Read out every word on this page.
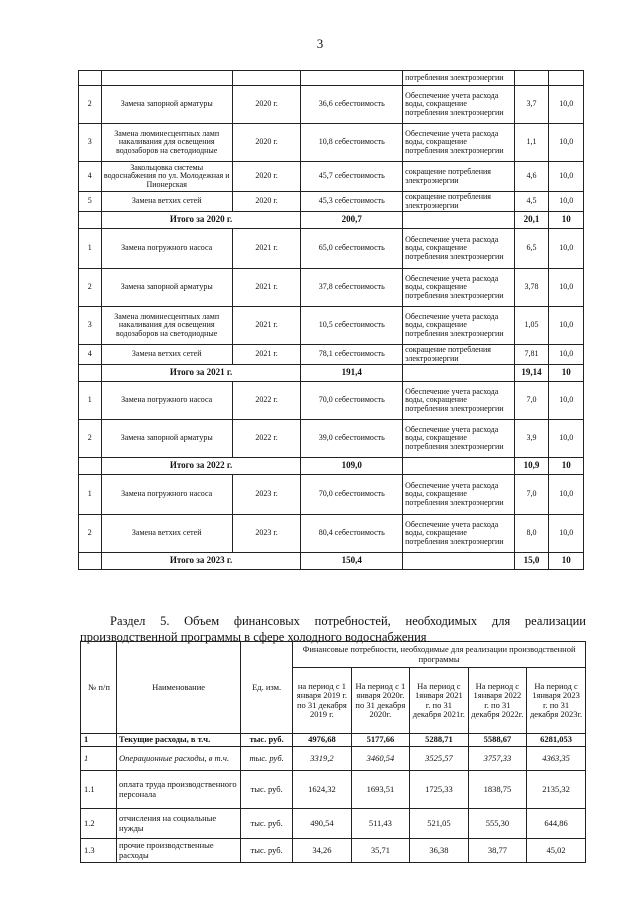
3
				потребления электроэнергии		
2	Замена запорной арматуры	2020 г.	36,6 себестоимость	Обеспечение учета расхода воды, сокращение потребления электроэнергии	3,7	10,0
3	Замена люминесцентных ламп накаливания для освещения водозаборов на светодиодные	2020 г.	10,8 себестоимость	Обеспечение учета расхода воды, сокращение потребления электроэнергии	1,1	10,0
4	Закольцовка системы водоснабжения по ул. Молодежная и Пионерская	2020 г.	45,7 себестоимость	сокращение потребления электроэнергии	4,6	10,0
5	Замена ветхих сетей	2020 г.	45,3 себестоимость	сокращение потребления электроэнергии	4,5	10,0
	Итого за 2020 г.		200,7		20,1	10
1	Замена погружного насоса	2021 г.	65,0 себестоимость	Обеспечение учета расхода воды, сокращение потребления электроэнергии	6,5	10,0
2	Замена запорной арматуры	2021 г.	37,8 себестоимость	Обеспечение учета расхода воды, сокращение потребления электроэнергии	3,78	10,0
3	Замена люминесцентных ламп накаливания для освещения водозаборов на светодиодные	2021 г.	10,5 себестоимость	Обеспечение учета расхода воды, сокращение потребления электроэнергии	1,05	10,0
4	Замена ветхих сетей	2021 г.	78,1 себестоимость	сокращение потребления электроэнергии	7,81	10,0
	Итого за 2021 г.		191,4		19,14	10
1	Замена погружного насоса	2022 г.	70,0 себестоимость	Обеспечение учета расхода воды, сокращение потребления электроэнергии	7,0	10,0
2	Замена запорной арматуры	2022 г.	39,0 себестоимость	Обеспечение учета расхода воды, сокращение потребления электроэнергии	3,9	10,0
	Итого за 2022 г.		109,0		10,9	10
1	Замена погружного насоса	2023 г.	70,0 себестоимость	Обеспечение учета расхода воды, сокращение потребления электроэнергии	7,0	10,0
2	Замена ветхих сетей	2023 г.	80,4 себестоимость	Обеспечение учета расхода воды, сокращение потребления электроэнергии	8,0	10,0
	Итого за 2023 г.		150,4		15,0	10
Раздел 5. Объем финансовых потребностей, необходимых для реализации
производственной программы в сфере холодного водоснабжения
№ п/п	Наименование	Ед. изм.	Финансовые потребности, необходимые для реализации производственной программы				
			на период с 1 января 2019 г. по 31 декабря 2019 г.	На период с 1 января 2020г. по 31 декабря 2020г.	На период с 1января 2021 г. по 31 декабря 2021г.	На период с 1января 2022 г. по 31 декабря 2022г.	На период с 1января 2023 г. по 31 декабря 2023г.
1	Текущие расходы, в т.ч.	тыс. руб.	4976,68	5177,66	5288,71	5588,67	6281,053
1	Операционные расходы, в т.ч.	тыс. руб.	3319,2	3460,54	3525,57	3757,33	4363,35
1.1	оплата труда производственного персонала	тыс. руб.	1624,32	1693,51	1725,33	1838,75	2135,32
1.2	отчисления на социальные нужды	тыс. руб.	490,54	511,43	521,05	555,30	644,86
1.3	прочие производственные расходы	тыс. руб.	34,26	35,71	36,38	38,77	45,02
